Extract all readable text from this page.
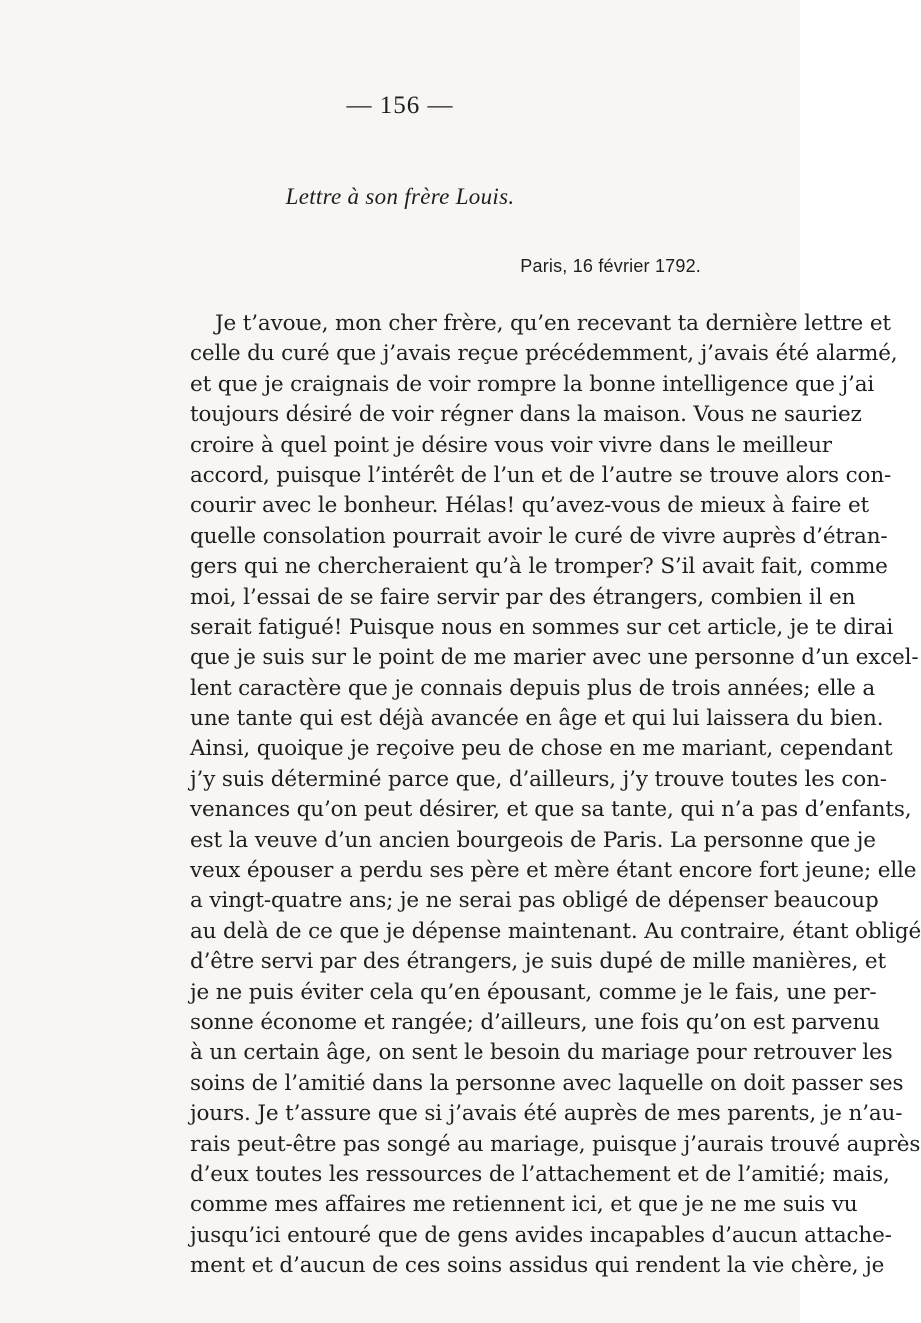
— 156 —
Lettre à son frère Louis.
Paris, 16 février 1792.
Je t’avoue, mon cher frère, qu’en recevant ta dernière lettre et
celle du curé que j’avais reçue précédemment, j’avais été alarmé,
et que je craignais de voir rompre la bonne intelligence que j’ai
toujours désiré de voir régner dans la maison. Vous ne sauriez
croire à quel point je désire vous voir vivre dans le meilleur
accord, puisque l’intérêt de l’un et de l’autre se trouve alors con-
courir avec le bonheur. Hélas! qu’avez-vous de mieux à faire et
quelle consolation pourrait avoir le curé de vivre auprès d’étran-
gers qui ne chercheraient qu’à le tromper? S’il avait fait, comme
moi, l’essai de se faire servir par des étrangers, combien il en
serait fatigué! Puisque nous en sommes sur cet article, je te dirai
que je suis sur le point de me marier avec une personne d’un excel-
lent caractère que je connais depuis plus de trois années; elle a
une tante qui est déjà avancée en âge et qui lui laissera du bien.
Ainsi, quoique je reçoive peu de chose en me mariant, cependant
j’y suis déterminé parce que, d’ailleurs, j’y trouve toutes les con-
venances qu’on peut désirer, et que sa tante, qui n’a pas d’enfants,
est la veuve d’un ancien bourgeois de Paris. La personne que je
veux épouser a perdu ses père et mère étant encore fort jeune; elle
a vingt-quatre ans; je ne serai pas obligé de dépenser beaucoup
au delà de ce que je dépense maintenant. Au contraire, étant obligé
d’être servi par des étrangers, je suis dupé de mille manières, et
je ne puis éviter cela qu’en épousant, comme je le fais, une per-
sonne économe et rangée; d’ailleurs, une fois qu’on est parvenu
à un certain âge, on sent le besoin du mariage pour retrouver les
soins de l’amitié dans la personne avec laquelle on doit passer ses
jours. Je t’assure que si j’avais été auprès de mes parents, je n’au-
rais peut-être pas songé au mariage, puisque j’aurais trouvé auprès
d’eux toutes les ressources de l’attachement et de l’amitié; mais,
comme mes affaires me retiennent ici, et que je ne me suis vu
jusqu’ici entouré que de gens avides incapables d’aucun attache-
ment et d’aucun de ces soins assidus qui rendent la vie chère, je
